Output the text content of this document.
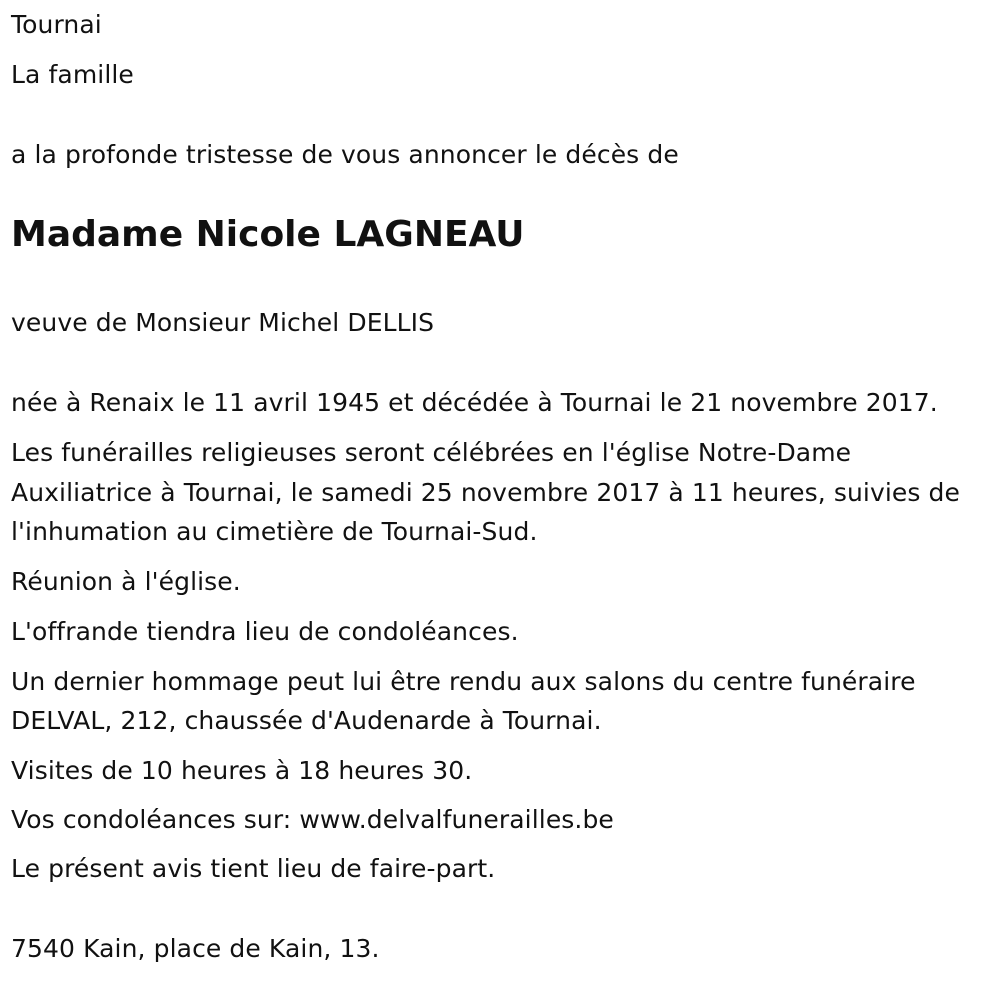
Tournai
La famille
a la profonde tristesse de vous annoncer le décès de
Madame Nicole LAGNEAU
veuve de Monsieur Michel DELLIS
née à Renaix le 11 avril 1945 et décédée à Tournai le 21 novembre 2017.
Les funérailles religieuses seront célébrées en l'église Notre-Dame
Auxiliatrice à Tournai, le samedi 25 novembre 2017 à 11 heures, suivies de
l'inhumation au cimetière de Tournai-Sud.
Réunion à l'église.
L'offrande tiendra lieu de condoléances.
Un dernier hommage peut lui être rendu aux salons du centre funéraire
DELVAL, 212, chaussée d'Audenarde à Tournai.
Visites de 10 heures à 18 heures 30.
Vos condoléances sur: www.delvalfunerailles.be
Le présent avis tient lieu de faire-part.
7540 Kain, place de Kain, 13.
